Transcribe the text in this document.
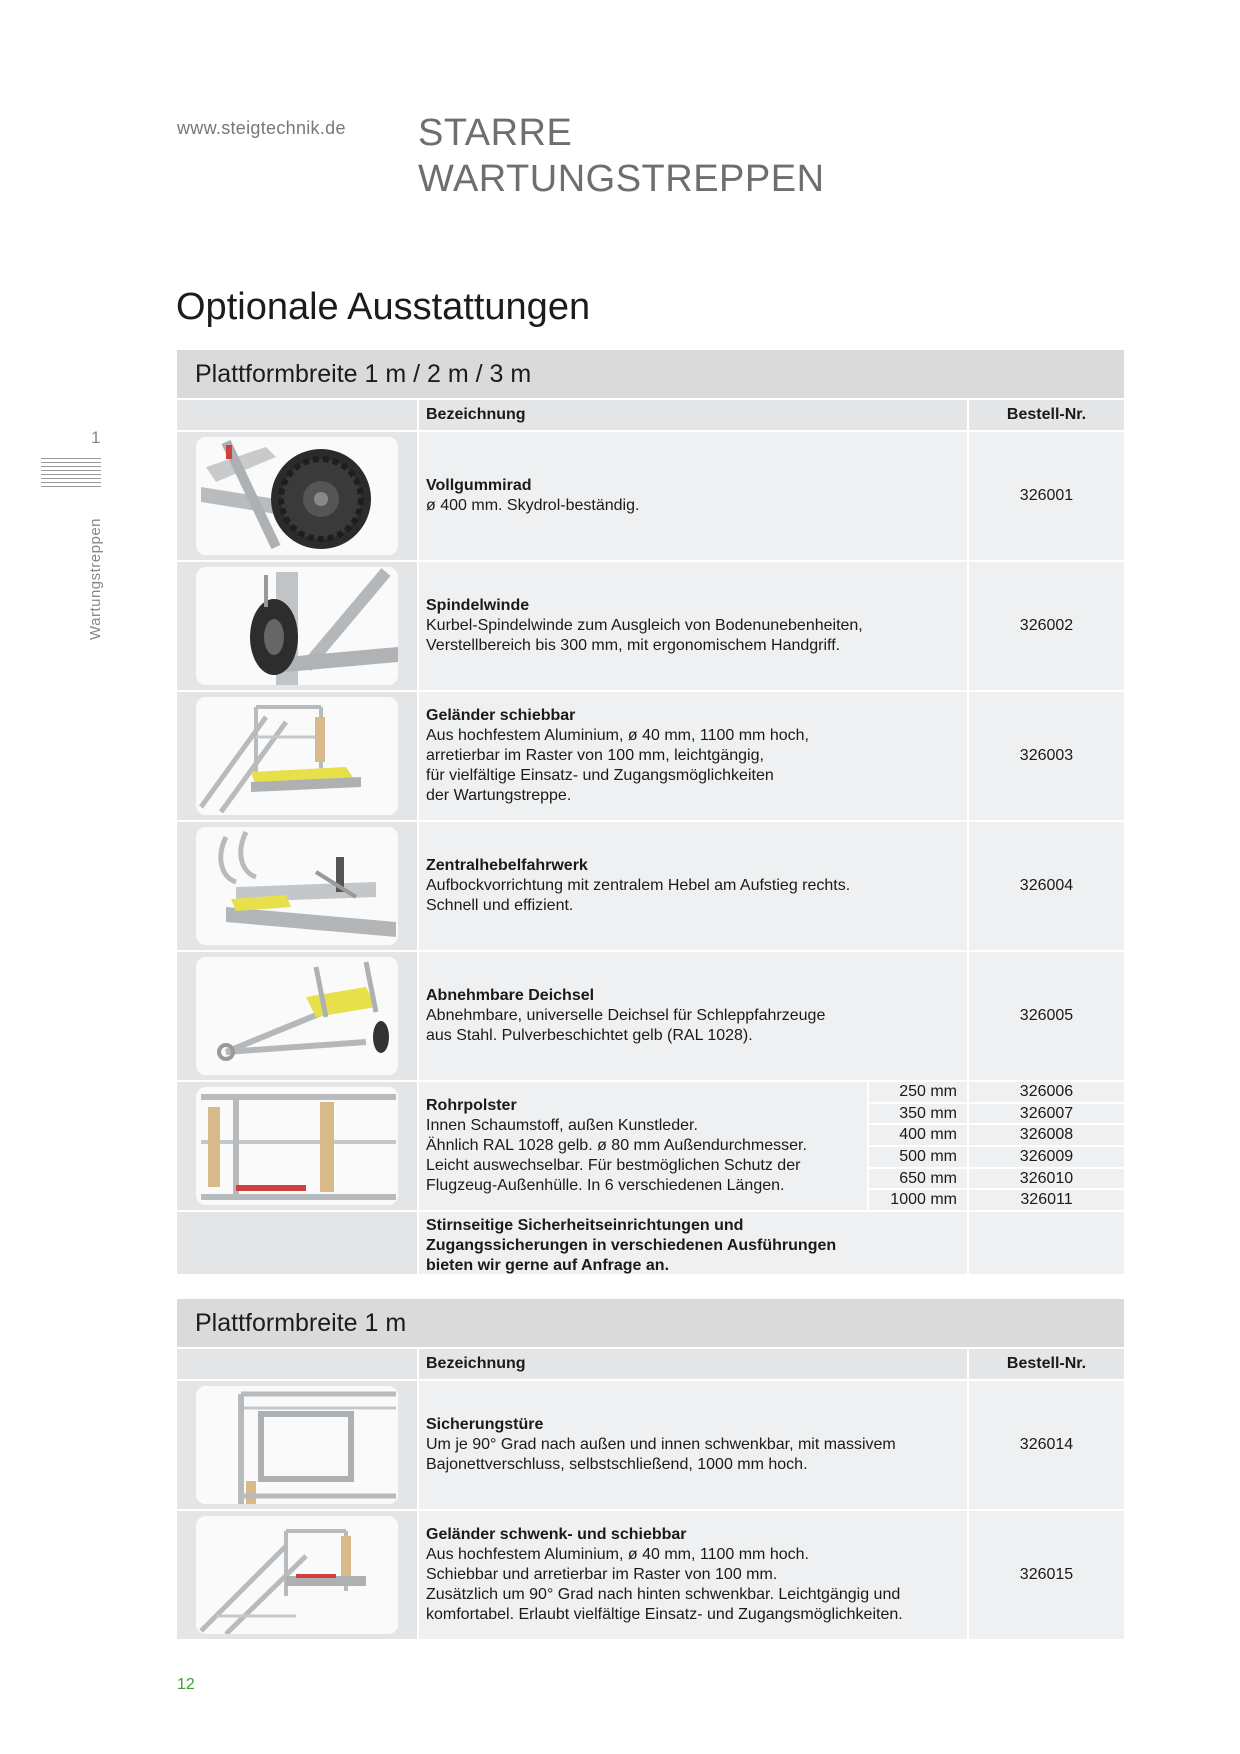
www.steigtechnik.de STARRE
WARTUNGSTREPPEN
1
Wartungstreppen
Optionale Ausstattungen
Plattformbreite 1 m / 2 m / 3 m
Bezeichnung	Bestell-Nr.
Vollgummirad
ø 400 mm. Skydrol-beständig.
326001
Spindelwinde
Kurbel-Spindelwinde zum Ausgleich von Bodenunebenheiten,
Verstellbereich bis 300 mm, mit ergonomischem Handgriff.
326002
Geländer schiebbar
Aus hochfestem Aluminium, ø 40 mm, 1100 mm hoch,
arretierbar im Raster von 100 mm, leichtgängig,
für vielfältige Einsatz- und Zugangsmöglichkeiten
der Wartungstreppe.
326003
Zentralhebelfahrwerk
Aufbockvorrichtung mit zentralem Hebel am Aufstieg rechts.
Schnell und effizient.
326004
Abnehmbare Deichsel
Abnehmbare, universelle Deichsel für Schleppfahrzeuge
aus Stahl. Pulverbeschichtet gelb (RAL 1028).
326005
Rohrpolster
Innen Schaumstoff, außen Kunstleder.
Ähnlich RAL 1028 gelb. ø 80 mm Außendurchmesser.
Leicht auswechselbar. Für bestmöglichen Schutz der
Flugzeug-Außenhülle. In 6 verschiedenen Längen.
250 mm
350 mm
400 mm
500 mm
650 mm
1000 mm
326006
326007
326008
326009
326010
326011
Stirnseitige Sicherheitseinrichtungen und
Zugangssicherungen in verschiedenen Ausführungen
bieten wir gerne auf Anfrage an.
Plattformbreite 1 m
Bezeichnung	Bestell-Nr.
Sicherungstüre
Um je 90° Grad nach außen und innen schwenkbar, mit massivem
Bajonettverschluss, selbstschließend, 1000 mm hoch.
326014
Geländer schwenk- und schiebbar
Aus hochfestem Aluminium, ø 40 mm, 1100 mm hoch.
Schiebbar und arretierbar im Raster von 100 mm.
Zusätzlich um 90° Grad nach hinten schwenkbar. Leichtgängig und
komfortabel. Erlaubt vielfältige Einsatz- und Zugangsmöglichkeiten.
326015
12
